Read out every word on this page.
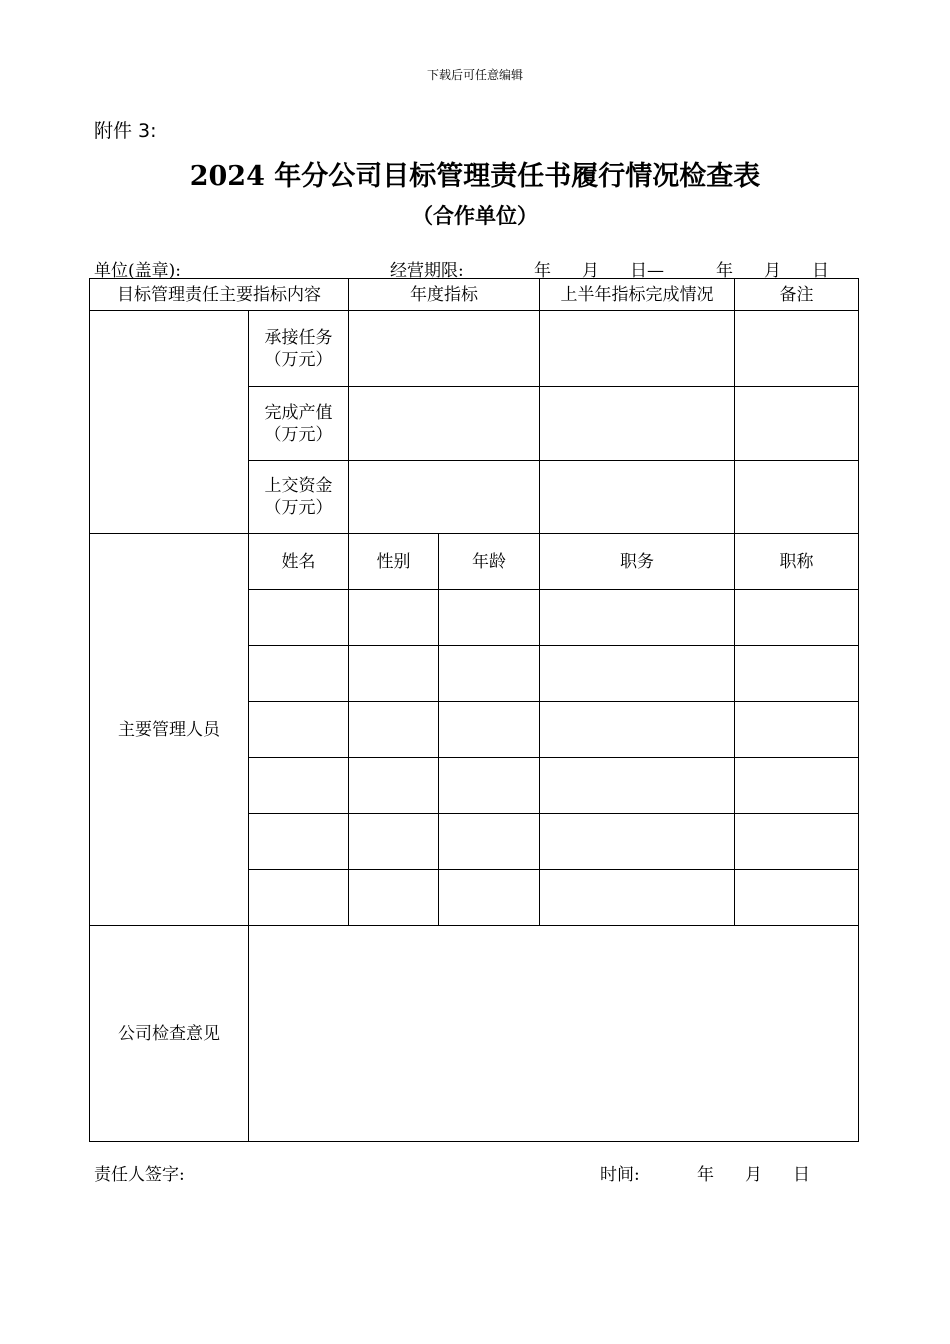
下载后可任意编辑
附件 3:
2024 年分公司目标管理责任书履行情况检查表
（合作单位）
单位(盖章):	经营期限:	年 月 日—	年 月 日
目标管理责任主要指标内容		年度指标		上半年指标完成情况	备注

	承接任务
（万元）				

	完成产值
（万元）				

	上交资金
（万元）				

主要管理人员	姓名	性别	年龄	职务	职称

公司检查意见					
责任人签字:	时间:	年 月 日
